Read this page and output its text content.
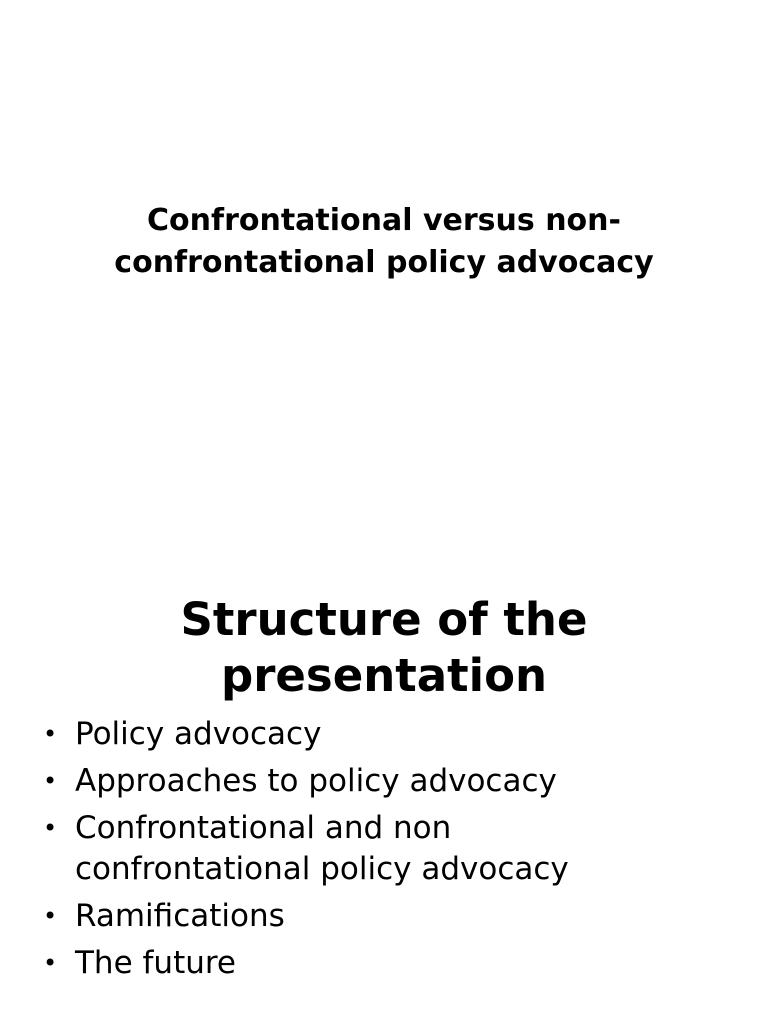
Confrontational versus non-
confrontational policy advocacy
Structure of the
presentation
• Policy advocacy
• Approaches to policy advocacy
• Confrontational and non
confrontational policy advocacy
• Ramifications
• The future
